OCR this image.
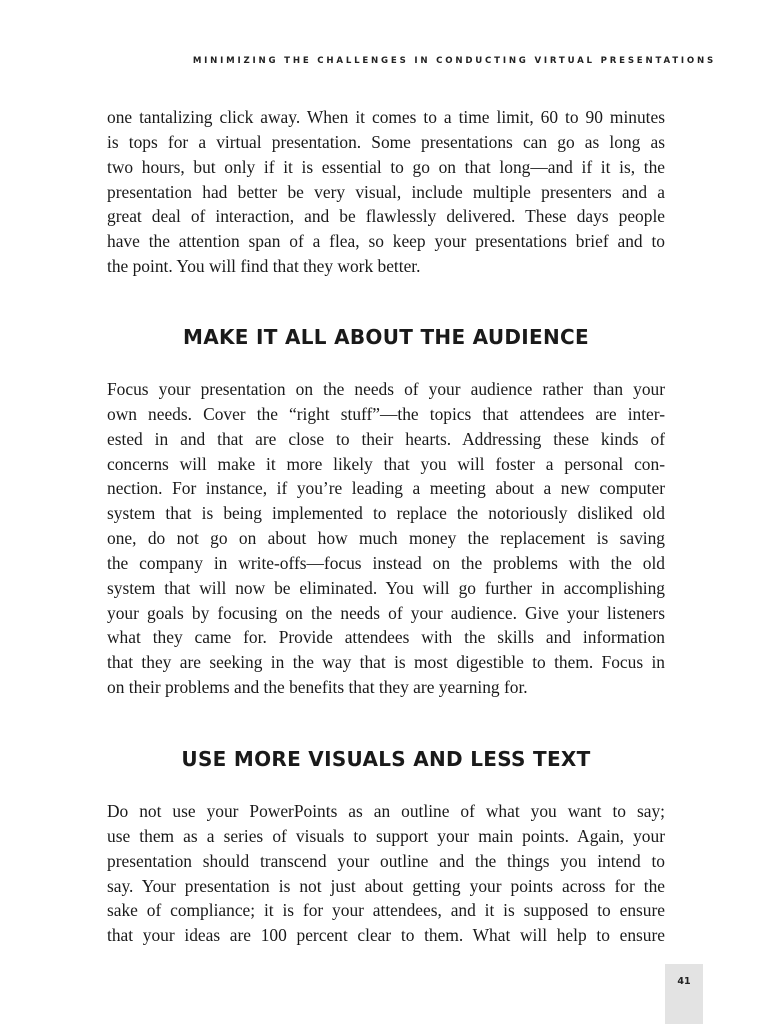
MINIMIZING THE CHALLENGES IN CONDUCTING VIRTUAL PRESENTATIONS
one tantalizing click away. When it comes to a time limit, 60 to 90 minutes
is tops for a virtual presentation. Some presentations can go as long as
two hours, but only if it is essential to go on that long—and if it is, the
presentation had better be very visual, include multiple presenters and a
great deal of interaction, and be flawlessly delivered. These days people
have the attention span of a flea, so keep your presentations brief and to
the point. You will find that they work better.
MAKE IT ALL ABOUT THE AUDIENCE
Focus your presentation on the needs of your audience rather than your
own needs. Cover the “right stuff”—the topics that attendees are inter-
ested in and that are close to their hearts. Addressing these kinds of
concerns will make it more likely that you will foster a personal con-
nection. For instance, if you’re leading a meeting about a new computer
system that is being implemented to replace the notoriously disliked old
one, do not go on about how much money the replacement is saving
the company in write-offs—focus instead on the problems with the old
system that will now be eliminated. You will go further in accomplishing
your goals by focusing on the needs of your audience. Give your listeners
what they came for. Provide attendees with the skills and information
that they are seeking in the way that is most digestible to them. Focus in
on their problems and the benefits that they are yearning for.
USE MORE VISUALS AND LESS TEXT
Do not use your PowerPoints as an outline of what you want to say;
use them as a series of visuals to support your main points. Again, your
presentation should transcend your outline and the things you intend to
say. Your presentation is not just about getting your points across for the
sake of compliance; it is for your attendees, and it is supposed to ensure
that your ideas are 100 percent clear to them. What will help to ensure
41
